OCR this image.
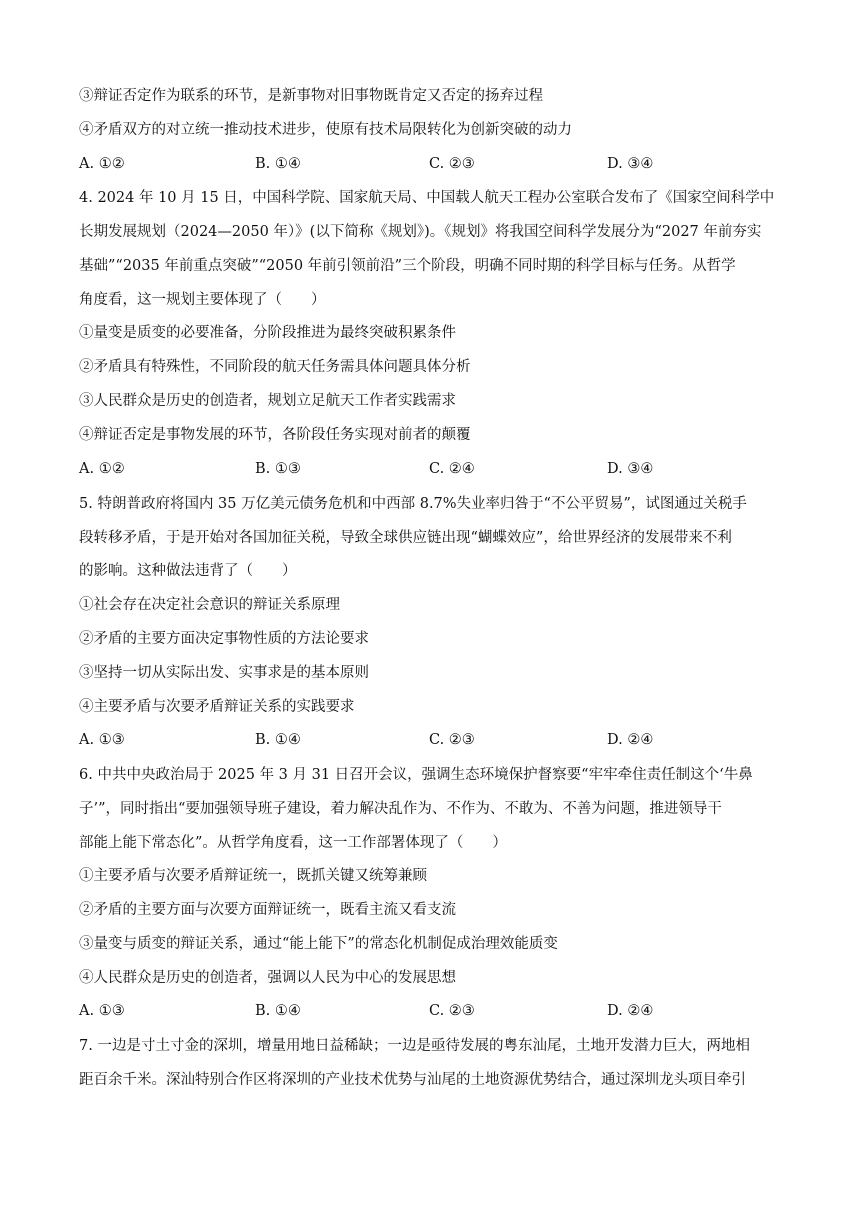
③辩证否定作为联系的环节，是新事物对旧事物既肯定又否定的扬弃过程
④矛盾双方的对立统一推动技术进步，使原有技术局限转化为创新突破的动力
A. ①②	B. ①④	C. ②③	D. ③④
4. 2024 年 10 月 15 日，中国科学院、国家航天局、中国载人航天工程办公室联合发布了《国家空间科学中
长期发展规划（2024—2050 年）》(以下简称《规划》)。《规划》将我国空间科学发展分为“2027 年前夯实
基础”“2035 年前重点突破”“2050 年前引领前沿”三个阶段，明确不同时期的科学目标与任务。从哲学
角度看，这一规划主要体现了（　　）
①量变是质变的必要准备，分阶段推进为最终突破积累条件
②矛盾具有特殊性，不同阶段的航天任务需具体问题具体分析
③人民群众是历史的创造者，规划立足航天工作者实践需求
④辩证否定是事物发展的环节，各阶段任务实现对前者的颠覆
A. ①②	B. ①③	C. ②④	D. ③④
5. 特朗普政府将国内 35 万亿美元债务危机和中西部 8.7%失业率归咎于“不公平贸易”，试图通过关税手
段转移矛盾，于是开始对各国加征关税，导致全球供应链出现“蝴蝶效应”，给世界经济的发展带来不利
的影响。这种做法违背了（　　）
①社会存在决定社会意识的辩证关系原理
②矛盾的主要方面决定事物性质的方法论要求
③坚持一切从实际出发、实事求是的基本原则
④主要矛盾与次要矛盾辩证关系的实践要求
A. ①③	B. ①④	C. ②③	D. ②④
6. 中共中央政治局于 2025 年 3 月 31 日召开会议，强调生态环境保护督察要“牢牢牵住责任制这个‘牛鼻
子’”，同时指出“要加强领导班子建设，着力解决乱作为、不作为、不敢为、不善为问题，推进领导干
部能上能下常态化”。从哲学角度看，这一工作部署体现了（　　）
①主要矛盾与次要矛盾辩证统一，既抓关键又统筹兼顾
②矛盾的主要方面与次要方面辩证统一，既看主流又看支流
③量变与质变的辩证关系，通过“能上能下”的常态化机制促成治理效能质变
④人民群众是历史的创造者，强调以人民为中心的发展思想
A. ①③	B. ①④	C. ②③	D. ②④
7. 一边是寸土寸金的深圳，增量用地日益稀缺；一边是亟待发展的粤东汕尾，土地开发潜力巨大，两地相
距百余千米。深汕特别合作区将深圳的产业技术优势与汕尾的土地资源优势结合，通过深圳龙头项目牵引
